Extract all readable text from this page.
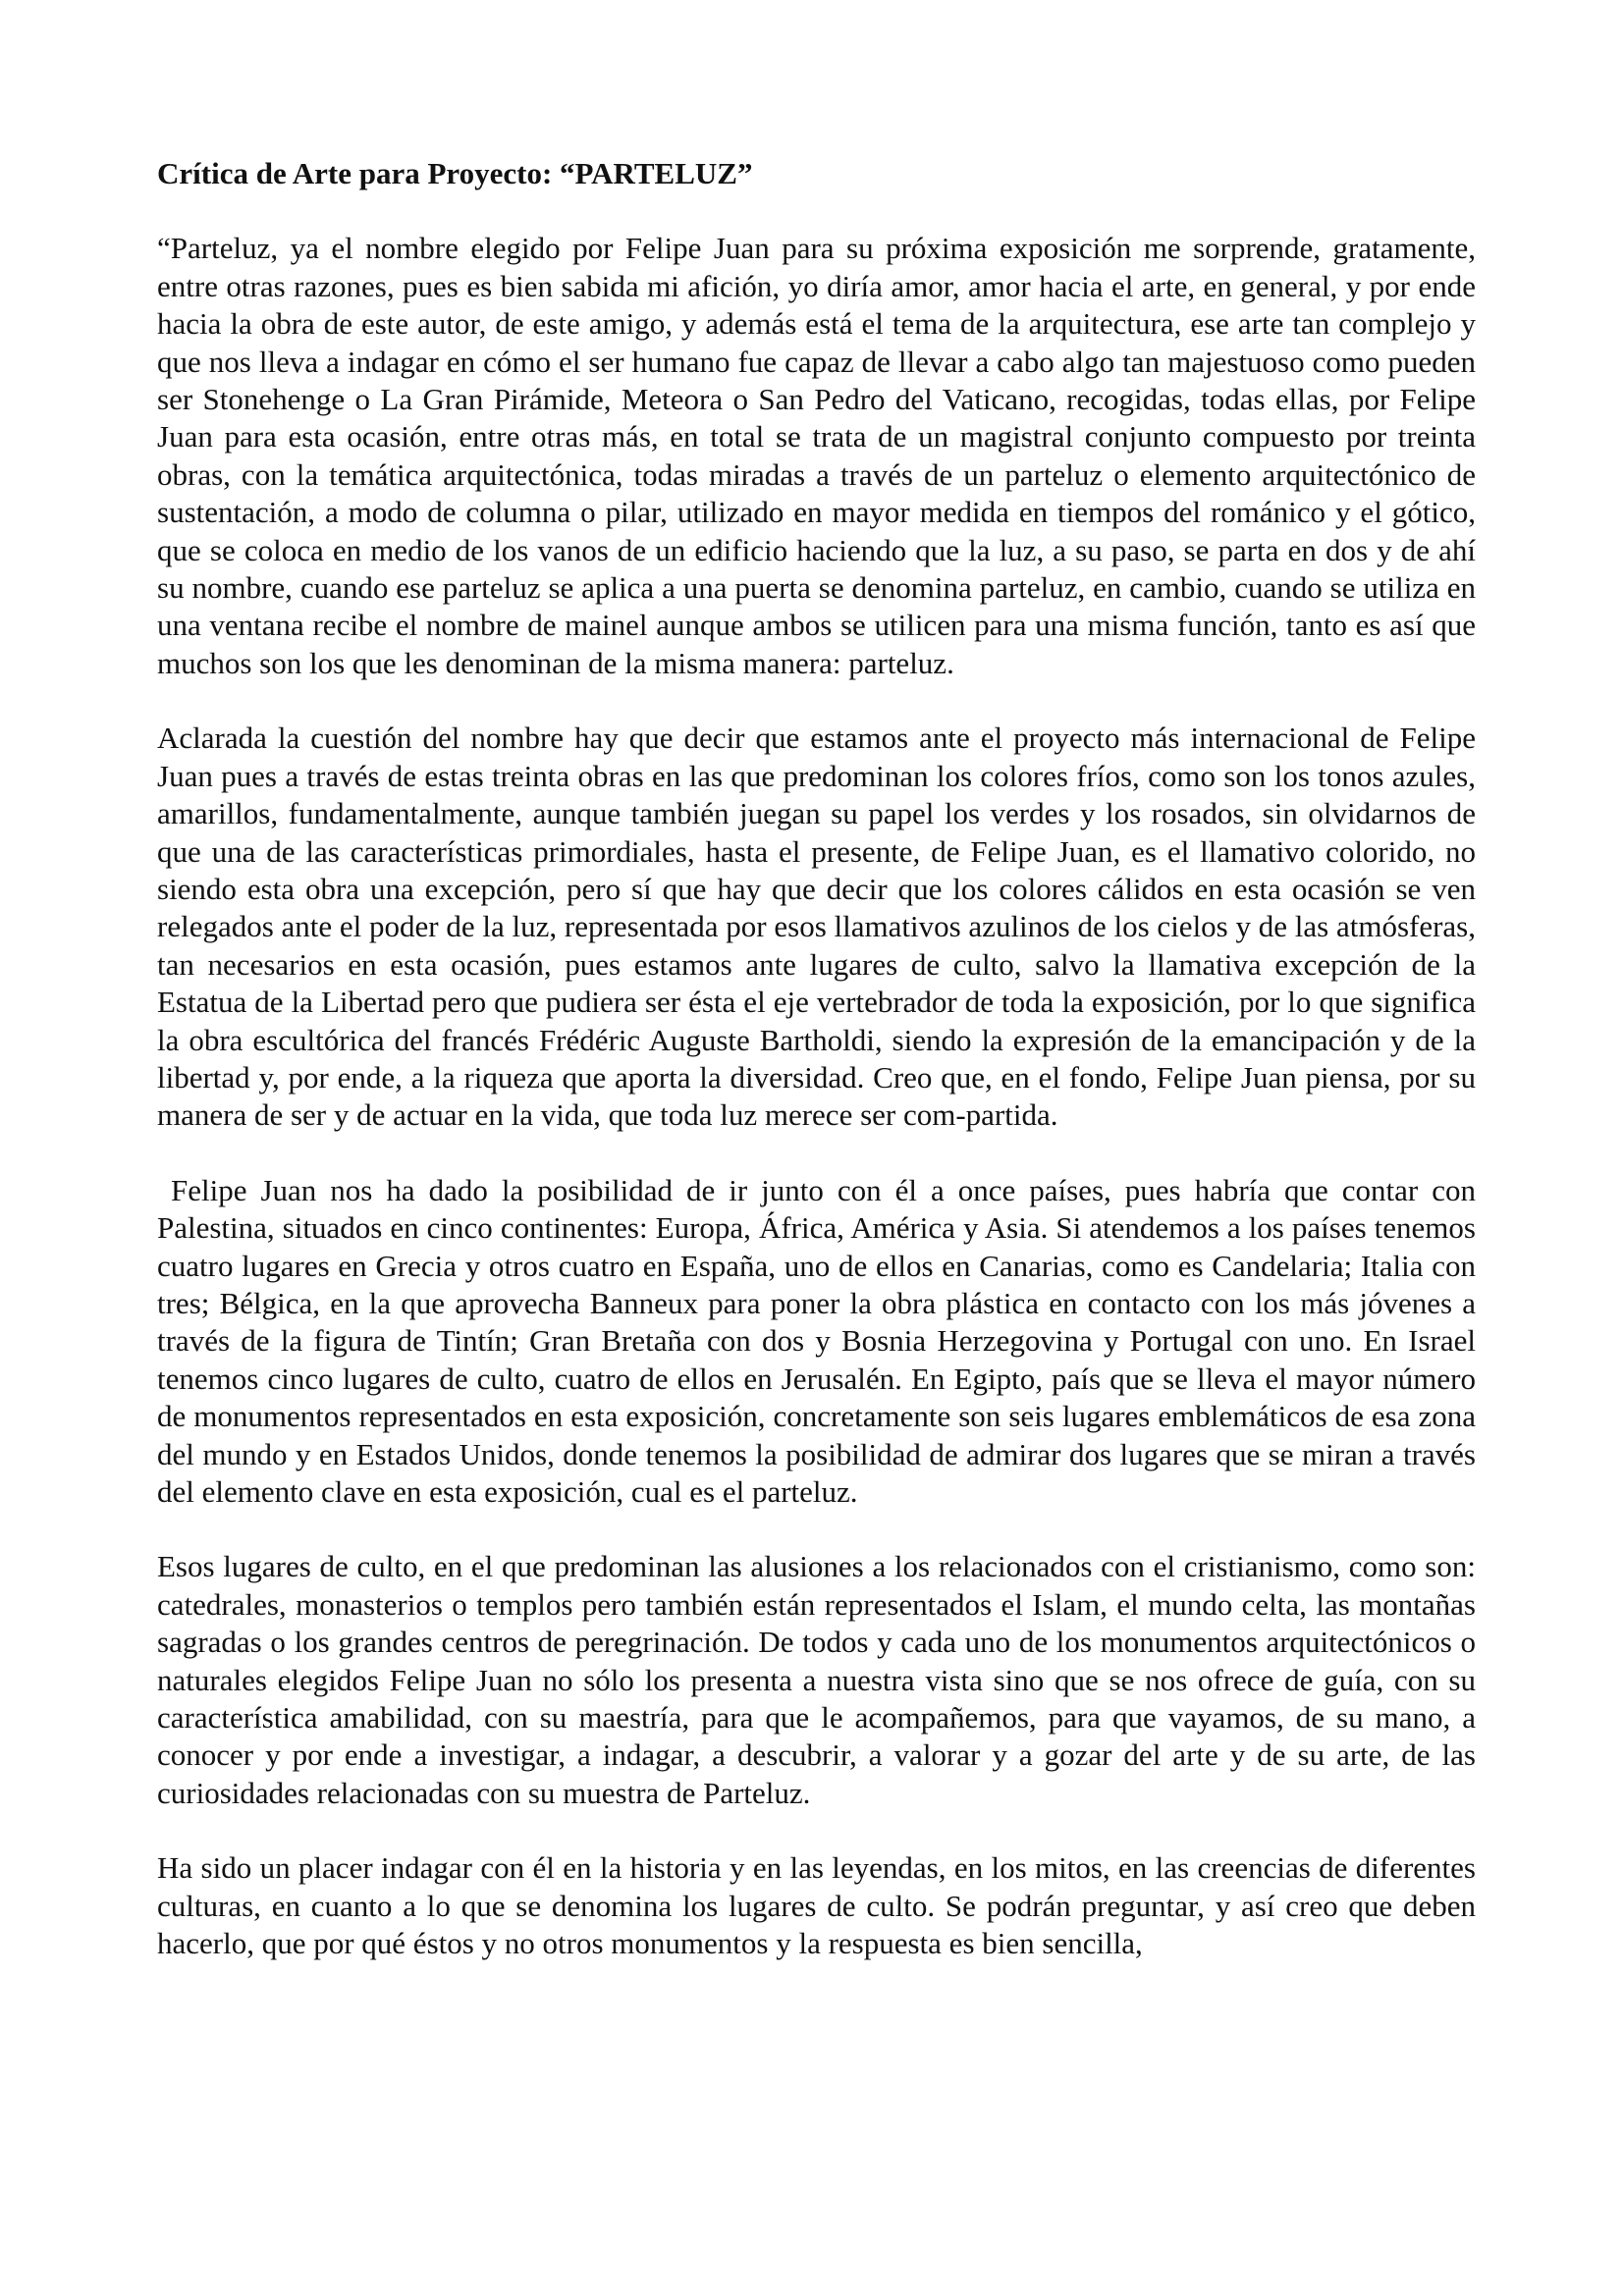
Crítica de Arte para Proyecto: “PARTELUZ”

“Parteluz, ya el nombre elegido por Felipe Juan para su próxima exposición me sorprende, gratamente, entre otras razones, pues es bien sabida mi afición, yo diría amor, amor hacia el arte, en general, y por ende hacia la obra de este autor, de este amigo, y además está el tema de la arquitectura, ese arte tan complejo y que nos lleva a indagar en cómo el ser humano fue capaz de llevar a cabo algo tan majestuoso como pueden ser Stonehenge o La Gran Pirámide, Meteora o San Pedro del Vaticano, recogidas, todas ellas, por Felipe Juan para esta ocasión, entre otras más, en total se trata de un magistral conjunto compuesto por treinta obras, con la temática arquitectónica, todas miradas a través de un parteluz o elemento arquitectónico de sustentación, a modo de columna o pilar, utilizado en mayor medida en tiempos del románico y el gótico, que se coloca en medio de los vanos de un edificio haciendo que la luz, a su paso, se parta en dos y de ahí su nombre, cuando ese parteluz se aplica a una puerta se denomina parteluz, en cambio, cuando se utiliza en una ventana recibe el nombre de mainel aunque ambos se utilicen para una misma función, tanto es así que muchos son los que les denominan de la misma manera: parteluz.

Aclarada la cuestión del nombre hay que decir que estamos ante el proyecto más internacional de Felipe Juan pues a través de estas treinta obras en las que predominan los colores fríos, como son los tonos azules, amarillos, fundamentalmente, aunque también juegan su papel los verdes y los rosados, sin olvidarnos de que una de las características primordiales, hasta el presente, de Felipe Juan, es el llamativo colorido, no siendo esta obra una excepción, pero sí que hay que decir que los colores cálidos en esta ocasión se ven relegados ante el poder de la luz, representada por esos llamativos azulinos de los cielos y de las atmósferas, tan necesarios en esta ocasión, pues estamos ante lugares de culto, salvo la llamativa excepción de la Estatua de la Libertad pero que pudiera ser ésta el eje vertebrador de toda la exposición, por lo que significa la obra escultórica del francés Frédéric Auguste Bartholdi, siendo la expresión de la emancipación y de la libertad y, por ende, a la riqueza que aporta la diversidad. Creo que, en el fondo, Felipe Juan piensa, por su manera de ser y de actuar en la vida, que toda luz merece ser com-partida.

Felipe Juan nos ha dado la posibilidad de ir junto con él a once países, pues habría que contar con Palestina, situados en cinco continentes: Europa, África, América y Asia. Si atendemos a los países tenemos cuatro lugares en Grecia y otros cuatro en España, uno de ellos en Canarias, como es Candelaria; Italia con tres; Bélgica, en la que aprovecha Banneux para poner la obra plástica en contacto con los más jóvenes a través de la figura de Tintín; Gran Bretaña con dos y Bosnia Herzegovina y Portugal con uno. En Israel tenemos cinco lugares de culto, cuatro de ellos en Jerusalén. En Egipto, país que se lleva el mayor número de monumentos representados en esta exposición, concretamente son seis lugares emblemáticos de esa zona del mundo y en Estados Unidos, donde tenemos la posibilidad de admirar dos lugares que se miran a través del elemento clave en esta exposición, cual es el parteluz.

Esos lugares de culto, en el que predominan las alusiones a los relacionados con el cristianismo, como son: catedrales, monasterios o templos pero también están representados el Islam, el mundo celta, las montañas sagradas o los grandes centros de peregrinación. De todos y cada uno de los monumentos arquitectónicos o naturales elegidos Felipe Juan no sólo los presenta a nuestra vista sino que se nos ofrece de guía, con su característica amabilidad, con su maestría, para que le acompañemos, para que vayamos, de su mano, a conocer y por ende a investigar, a indagar, a descubrir, a valorar y a gozar del arte y de su arte, de las curiosidades relacionadas con su muestra de Parteluz.

Ha sido un placer indagar con él en la historia y en las leyendas, en los mitos, en las creencias de diferentes culturas, en cuanto a lo que se denomina los lugares de culto. Se podrán preguntar, y así creo que deben hacerlo, que por qué éstos y no otros monumentos y la respuesta es bien sencilla,
